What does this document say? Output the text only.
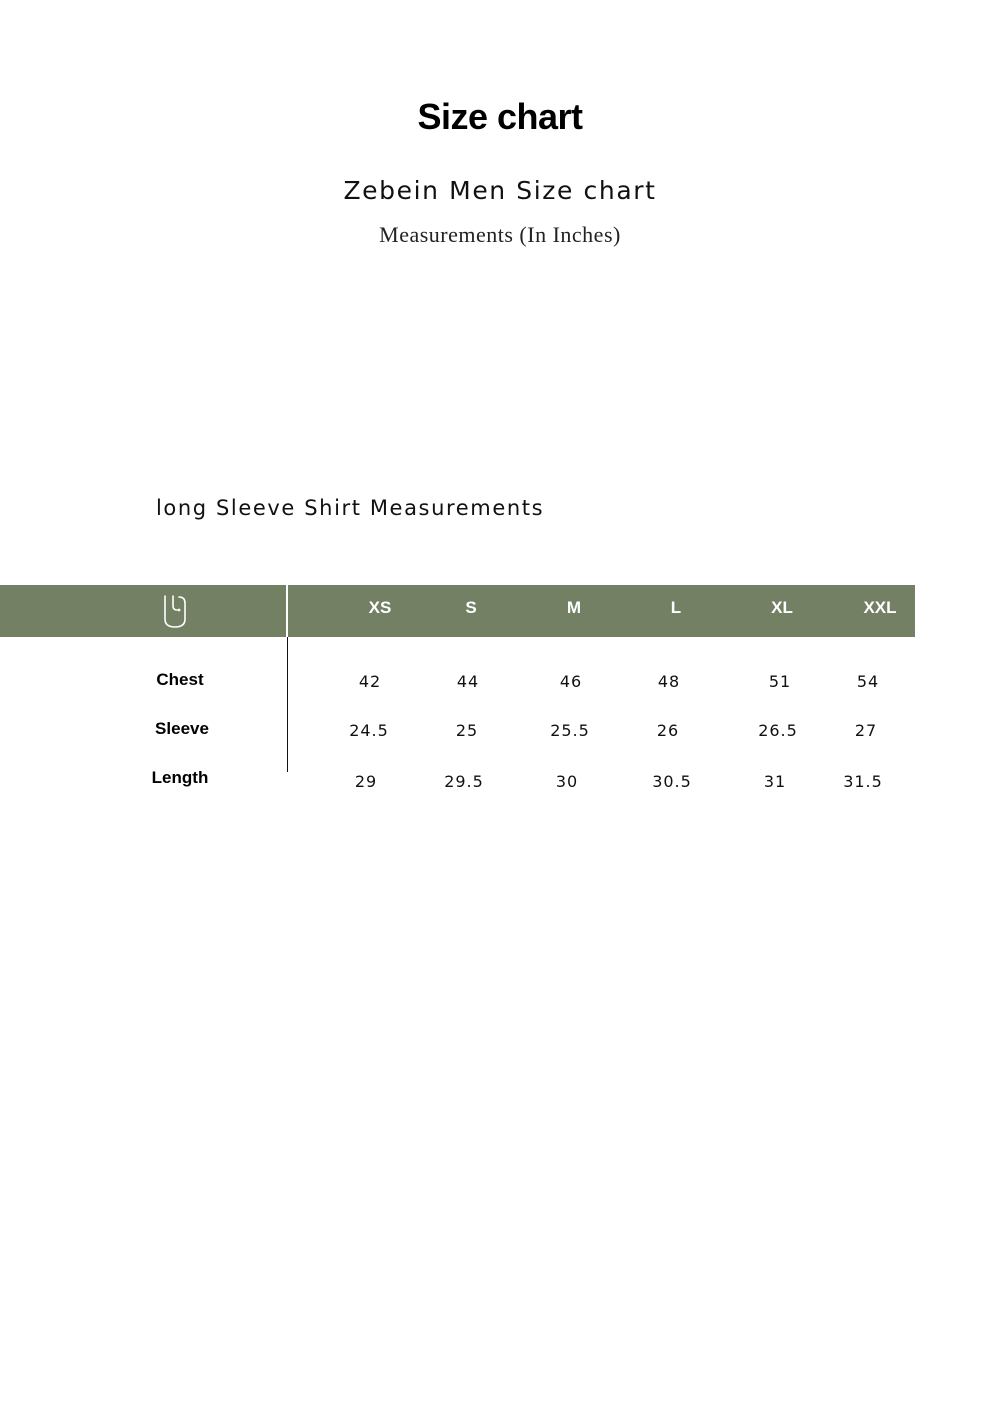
Size chart
Zebein Men Size chart
Measurements (In Inches)
long Sleeve Shirt Measurements
XS	S	M	L	XL	XXL
Chest	42	44	46	48	51	54
Sleeve	24.5	25	25.5	26	26.5	27
Length	29	29.5	30	30.5	31	31.5
